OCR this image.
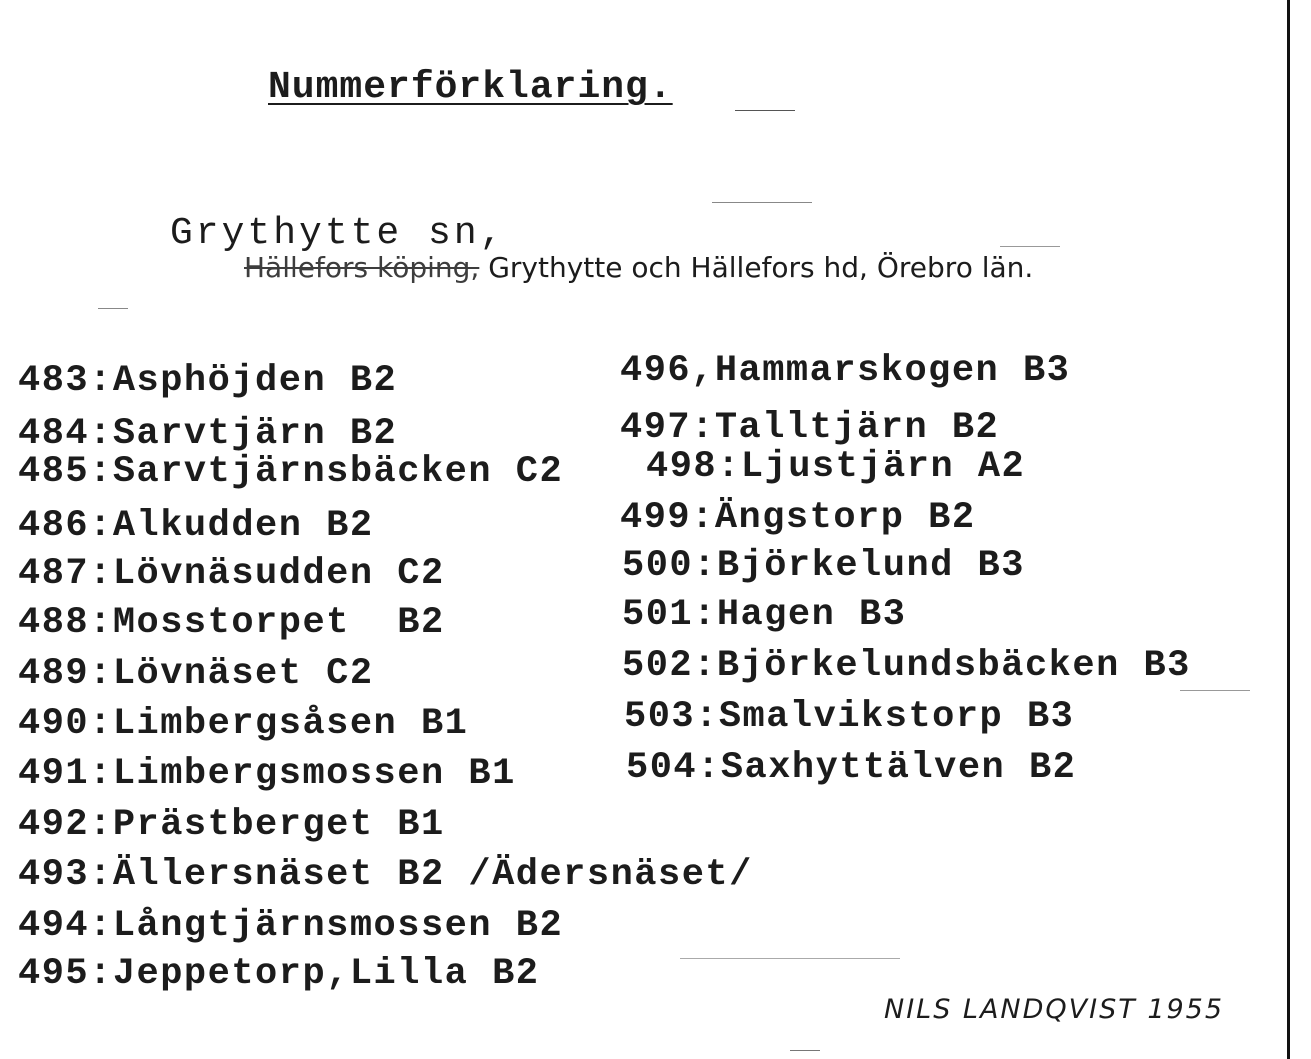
Nummerförklaring.
Grythytte sn,
Hällefors köping, Grythytte och Hällefors hd, Örebro län.
483:Asphöjden B2
484:Sarvtjärn B2
485:Sarvtjärnsbäcken C2
486:Alkudden B2
487:Lövnäsudden C2
488:Mosstorpet  B2
489:Lövnäset C2
490:Limbergsåsen B1
491:Limbergsmossen B1
492:Prästberget B1
493:Ällersnäset B2 /Ädersnäset/
494:Långtjärnsmossen B2
495:Jeppetorp,Lilla B2
496,Hammarskogen B3
497:Talltjärn B2
498:Ljustjärn A2
499:Ängstorp B2
500:Björkelund B3
501:Hagen B3
502:Björkelundsbäcken B3
503:Smalvikstorp B3
504:Saxhyttälven B2
NILS LANDQVIST 1955
